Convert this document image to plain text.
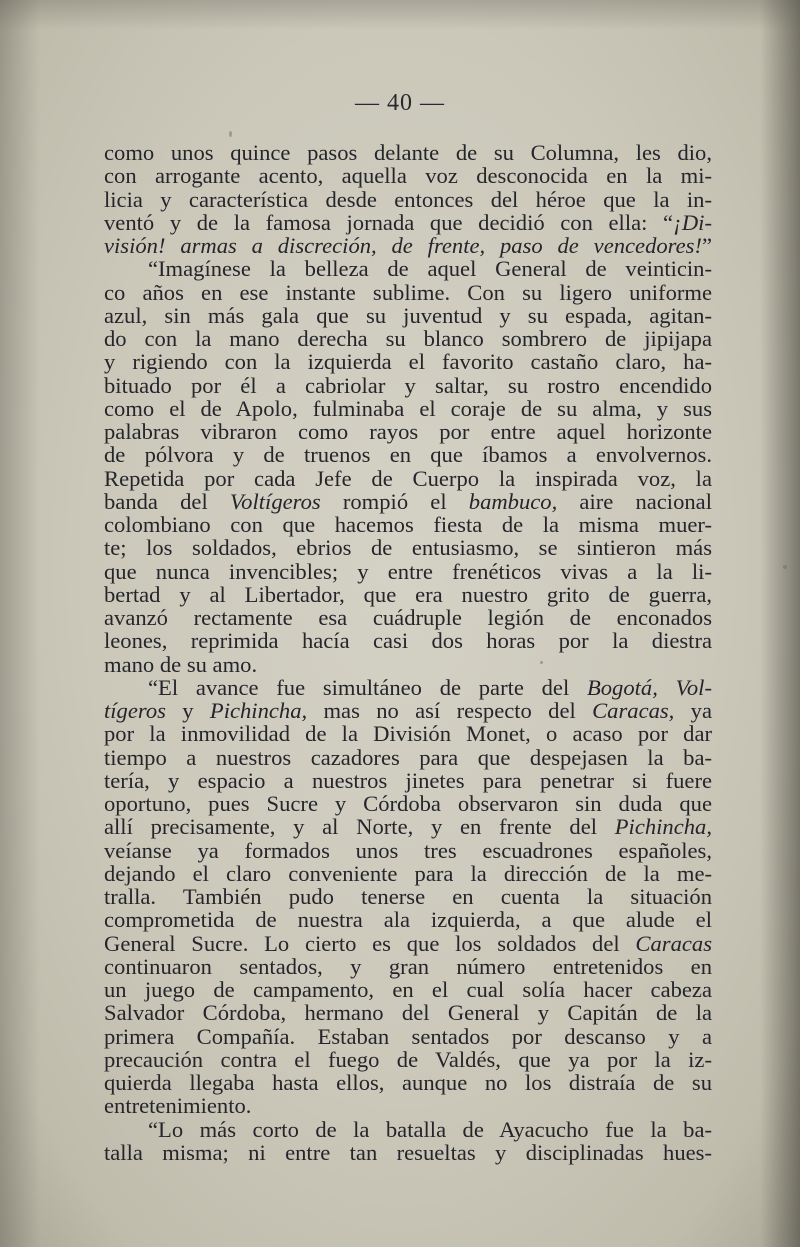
— 40 —
como unos quince pasos delante de su Columna, les dio,
con arrogante acento, aquella voz desconocida en la mi-
licia y característica desde entonces del héroe que la in-
ventó y de la famosa jornada que decidió con ella: “¡Di-
visión! armas a discreción, de frente, paso de vencedores!”
“Imagínese la belleza de aquel General de veinticin-
co años en ese instante sublime. Con su ligero uniforme
azul, sin más gala que su juventud y su espada, agitan-
do con la mano derecha su blanco sombrero de jipijapa
y rigiendo con la izquierda el favorito castaño claro, ha-
bituado por él a cabriolar y saltar, su rostro encendido
como el de Apolo, fulminaba el coraje de su alma, y sus
palabras vibraron como rayos por entre aquel horizonte
de pólvora y de truenos en que íbamos a envolvernos.
Repetida por cada Jefe de Cuerpo la inspirada voz, la
banda del Voltígeros rompió el bambuco, aire nacional
colombiano con que hacemos fiesta de la misma muer-
te; los soldados, ebrios de entusiasmo, se sintieron más
que nunca invencibles; y entre frenéticos vivas a la li-
bertad y al Libertador, que era nuestro grito de guerra,
avanzó rectamente esa cuádruple legión de enconados
leones, reprimida hacía casi dos horas por la diestra
mano de su amo.
“El avance fue simultáneo de parte del Bogotá, Vol-
tígeros y Pichincha, mas no así respecto del Caracas, ya
por la inmovilidad de la División Monet, o acaso por dar
tiempo a nuestros cazadores para que despejasen la ba-
tería, y espacio a nuestros jinetes para penetrar si fuere
oportuno, pues Sucre y Córdoba observaron sin duda que
allí precisamente, y al Norte, y en frente del Pichincha,
veíanse ya formados unos tres escuadrones españoles,
dejando el claro conveniente para la dirección de la me-
tralla. También pudo tenerse en cuenta la situación
comprometida de nuestra ala izquierda, a que alude el
General Sucre. Lo cierto es que los soldados del Caracas
continuaron sentados, y gran número entretenidos en
un juego de campamento, en el cual solía hacer cabeza
Salvador Córdoba, hermano del General y Capitán de la
primera Compañía. Estaban sentados por descanso y a
precaución contra el fuego de Valdés, que ya por la iz-
quierda llegaba hasta ellos, aunque no los distraía de su
entretenimiento.
“Lo más corto de la batalla de Ayacucho fue la ba-
talla misma; ni entre tan resueltas y disciplinadas hues-
